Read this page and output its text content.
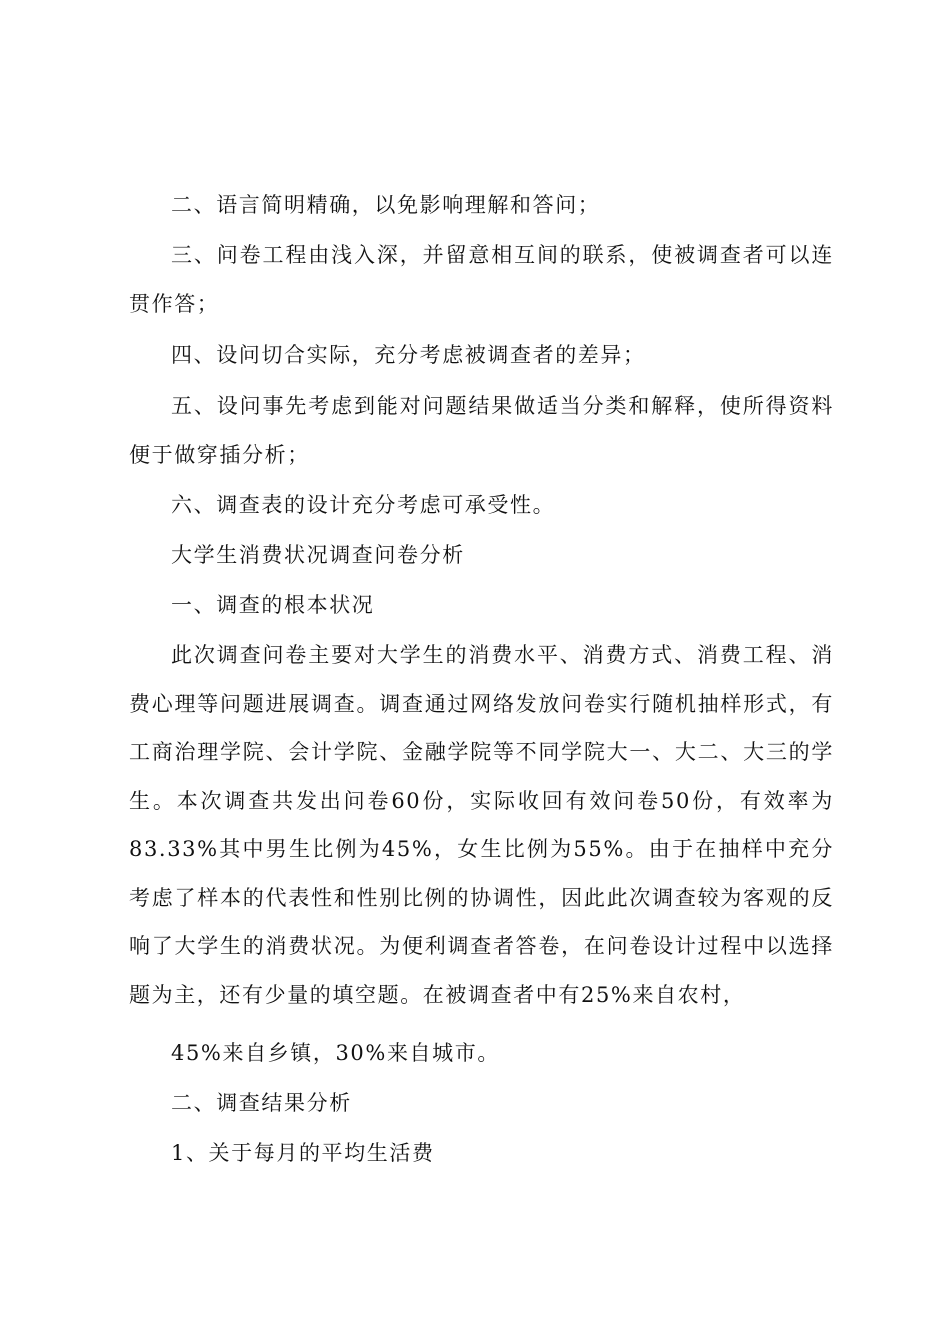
二、语言简明精确，以免影响理解和答问；

三、问卷工程由浅入深，并留意相互间的联系，使被调查者可以连贯作答；

四、设问切合实际，充分考虑被调查者的差异；

五、设问事先考虑到能对问题结果做适当分类和解释，使所得资料便于做穿插分析；

六、调查表的设计充分考虑可承受性。

大学生消费状况调查问卷分析

一、调查的根本状况

此次调查问卷主要对大学生的消费水平、消费方式、消费工程、消费心理等问题进展调查。调查通过网络发放问卷实行随机抽样形式，有工商治理学院、会计学院、金融学院等不同学院大一、大二、大三的学生。本次调查共发出问卷60份，实际收回有效问卷50份，有效率为83.33%其中男生比例为45%，女生比例为55%。由于在抽样中充分考虑了样本的代表性和性别比例的协调性，因此此次调查较为客观的反响了大学生的消费状况。为便利调查者答卷，在问卷设计过程中以选择题为主，还有少量的填空题。在被调查者中有25%来自农村，

45%来自乡镇，30%来自城市。

二、调查结果分析

1、关于每月的平均生活费
